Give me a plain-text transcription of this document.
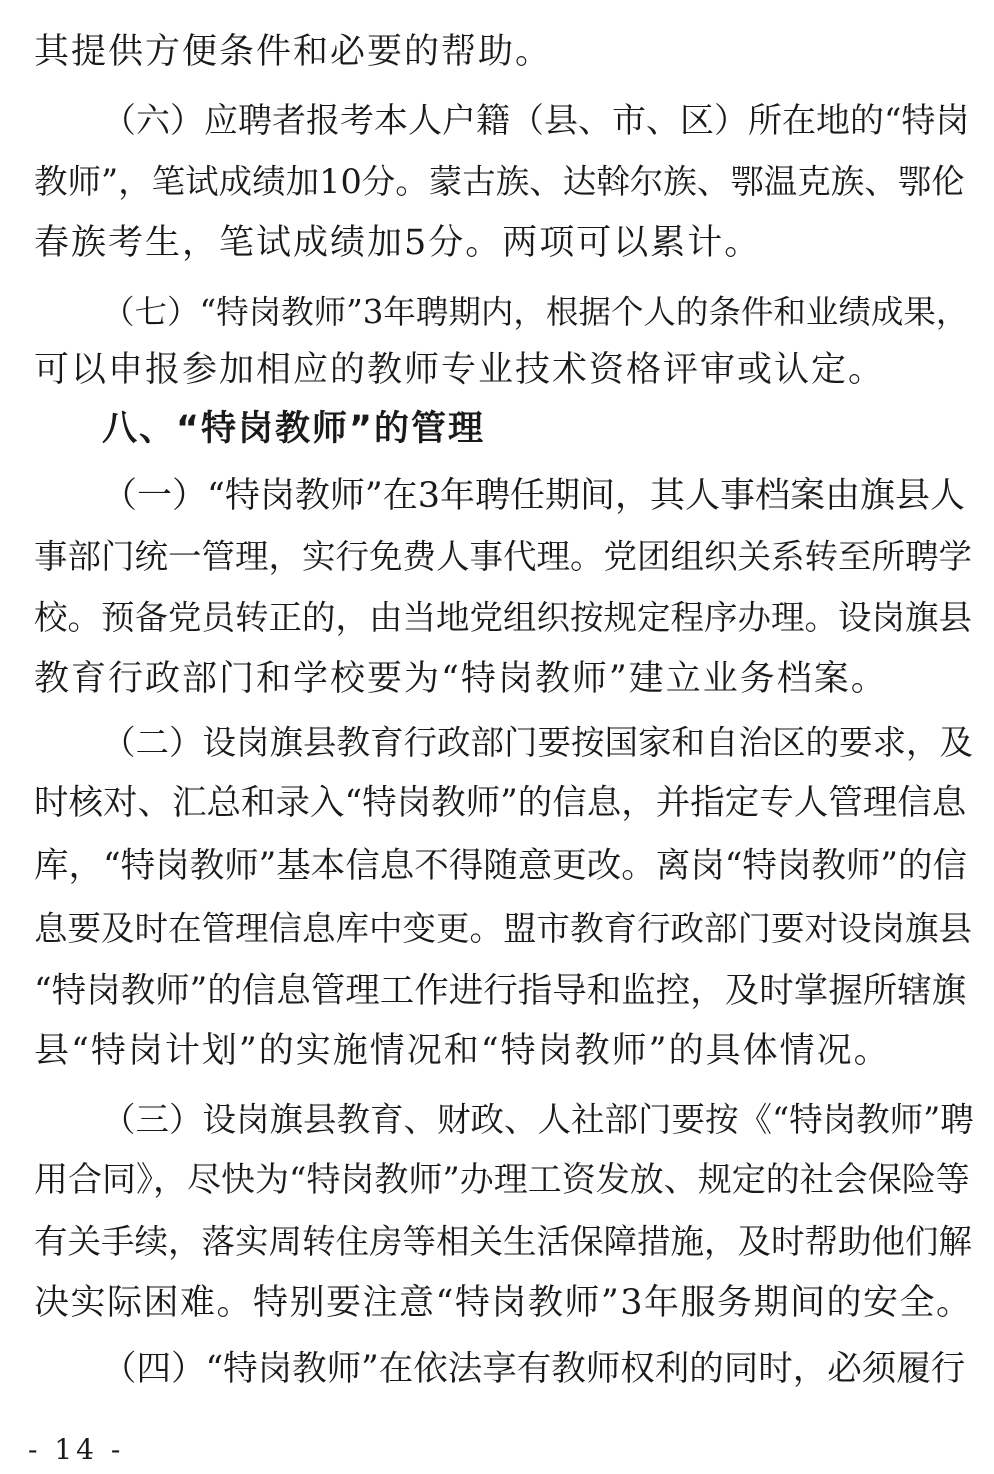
其提供方便条件和必要的帮助。
（六）应聘者报考本人户籍（县、市、区）所在地的“特岗
教师”，笔试成绩加10分。蒙古族、达斡尔族、鄂温克族、鄂伦
春族考生，笔试成绩加5分。两项可以累计。
（七）“特岗教师”3年聘期内，根据个人的条件和业绩成果，
可以申报参加相应的教师专业技术资格评审或认定。
八、“特岗教师”的管理
（一）“特岗教师”在3年聘任期间，其人事档案由旗县人
事部门统一管理，实行免费人事代理。党团组织关系转至所聘学
校。预备党员转正的，由当地党组织按规定程序办理。设岗旗县
教育行政部门和学校要为“特岗教师”建立业务档案。
（二）设岗旗县教育行政部门要按国家和自治区的要求，及
时核对、汇总和录入“特岗教师”的信息，并指定专人管理信息
库，“特岗教师”基本信息不得随意更改。离岗“特岗教师”的信
息要及时在管理信息库中变更。盟市教育行政部门要对设岗旗县
“特岗教师”的信息管理工作进行指导和监控，及时掌握所辖旗
县“特岗计划”的实施情况和“特岗教师”的具体情况。
（三）设岗旗县教育、财政、人社部门要按《“特岗教师”聘
用合同》，尽快为“特岗教师”办理工资发放、规定的社会保险等
有关手续，落实周转住房等相关生活保障措施，及时帮助他们解
决实际困难。特别要注意“特岗教师”3年服务期间的安全。
（四）“特岗教师”在依法享有教师权利的同时，必须履行
- 14 -
